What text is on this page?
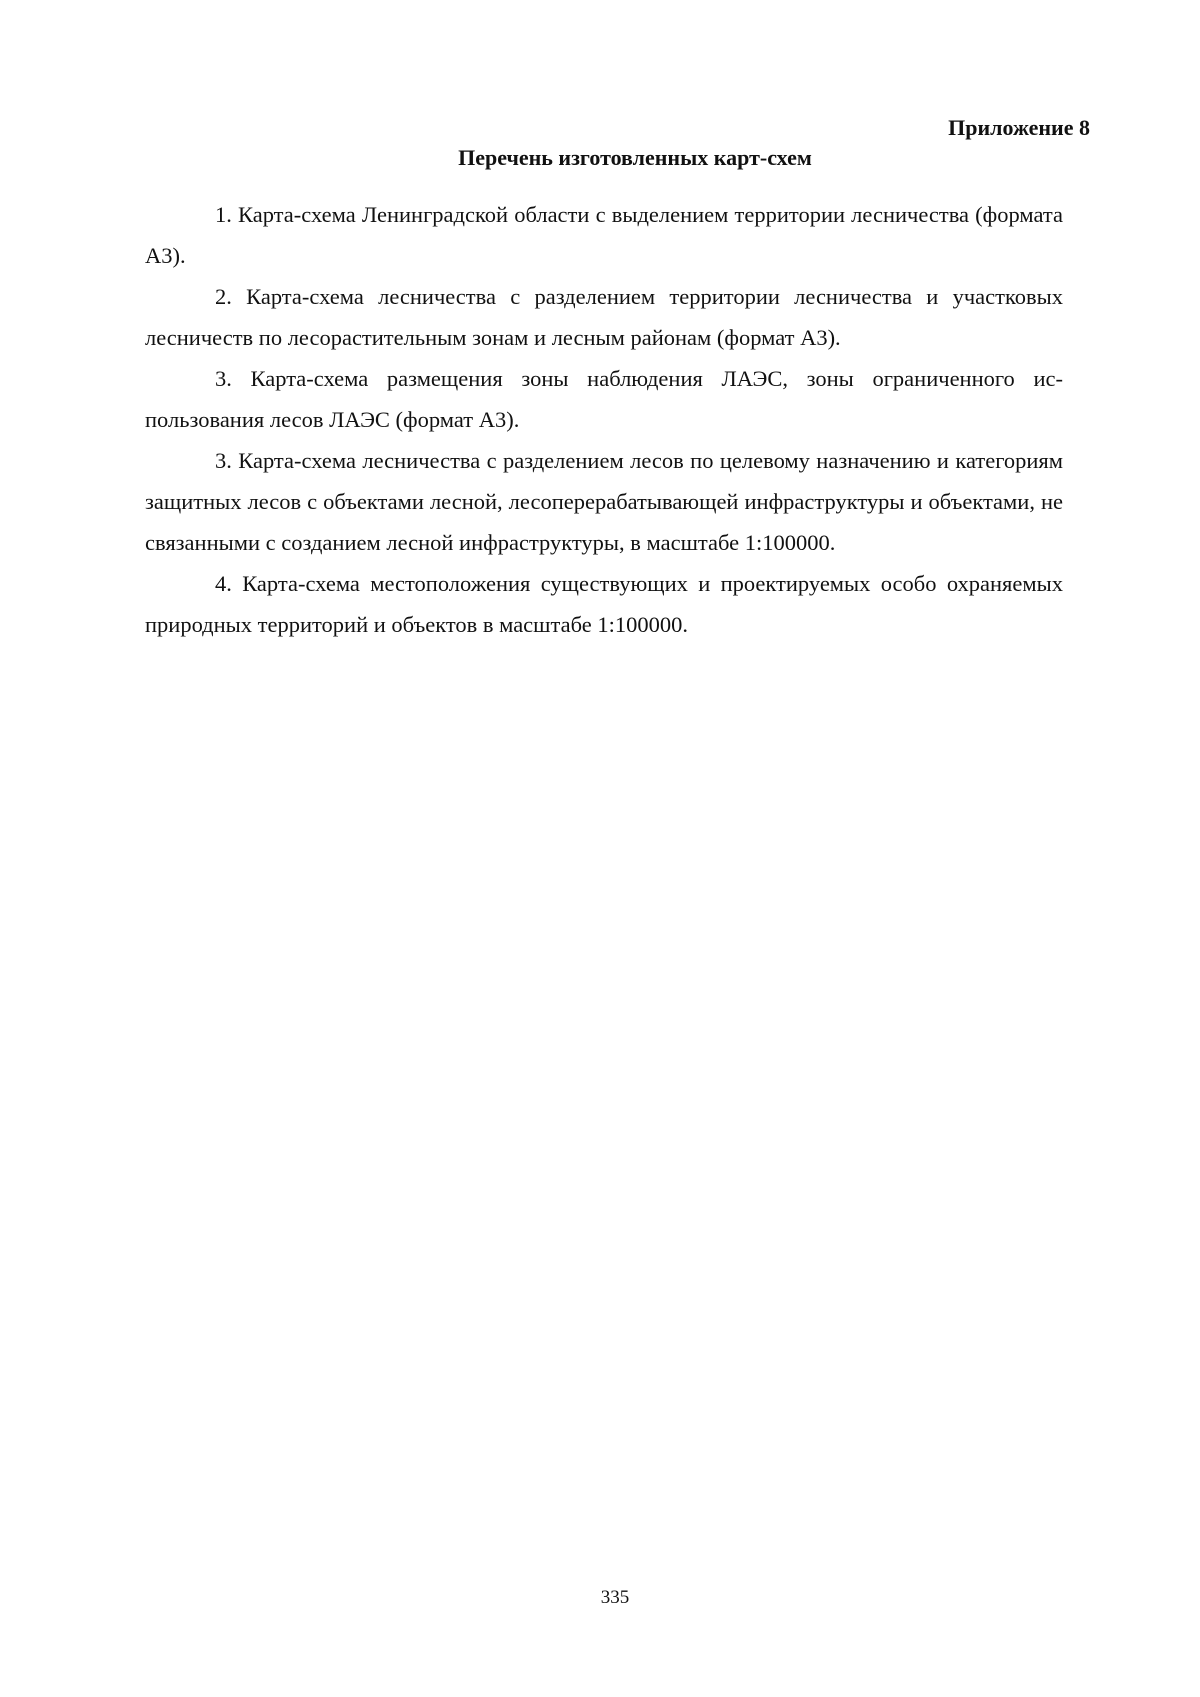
Приложение 8
Перечень изготовленных карт-схем

1. Карта-схема Ленинградской области с выделением территории лесничества (формата А3).

2. Карта-схема лесничества с разделением территории лесничества и участковых лесничеств по лесорастительным зонам и лесным районам (формат А3).

3. Карта-схема размещения зоны наблюдения ЛАЭС, зоны ограниченного использования лесов ЛАЭС (формат А3).

3. Карта-схема лесничества с разделением лесов по целевому назначению и категориям защитных лесов с объектами лесной, лесоперерабатывающей инфраструктуры и объектами, не связанными с созданием лесной инфраструктуры, в масштабе 1:100000.

4. Карта-схема местоположения существующих и проектируемых особо охраняемых природных территорий и объектов в масштабе 1:100000.

335
